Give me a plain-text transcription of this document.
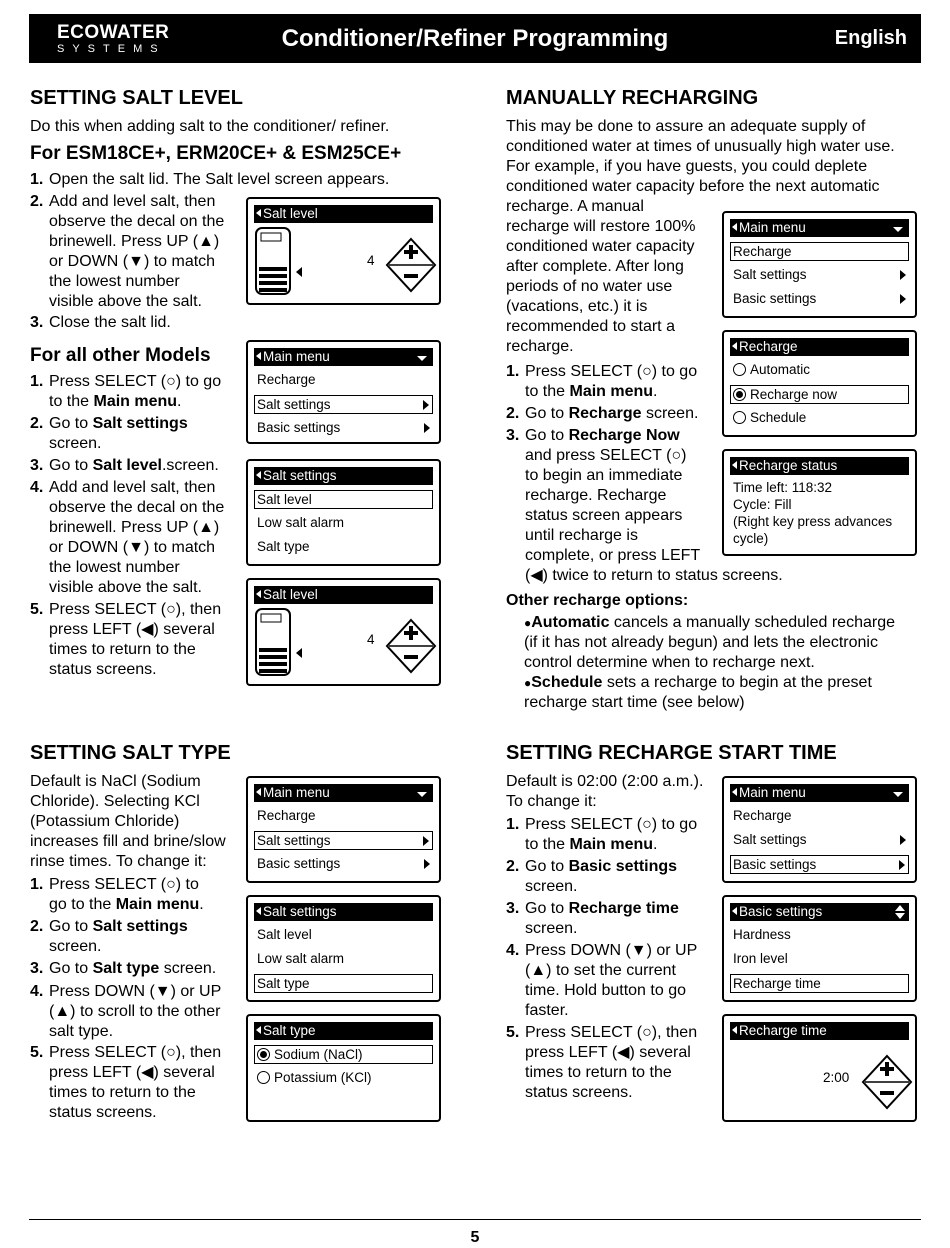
ECOWATER
SYSTEMS	Conditioner/Refiner Programming	English
SETTING SALT LEVEL
Do this when adding salt to the conditioner/ refiner.
For ESM18CE+, ERM20CE+ & ESM25CE+
1. Open the salt lid. The Salt level screen appears.
2. Add and level salt, then
observe the decal on the
brinewell. Press UP (▲)
or DOWN (▼) to match
the lowest number
visible above the salt.
3. Close the salt lid.
For all other Models
1. Press SELECT (○) to go
to the Main menu.
2. Go to Salt settings
screen.
3. Go to Salt level.screen.
4. Add and level salt, then
observe the decal on the
brinewell. Press UP (▲)
or DOWN (▼) to match
the lowest number
visible above the salt.
5. Press SELECT (○), then
press LEFT (◀) several
times to return to the
status screens.
SETTING SALT TYPE
Default is NaCl (Sodium
Chloride). Selecting KCl
(Potassium Chloride)
increases fill and brine/slow
rinse times. To change it:
1. Press SELECT (○) to
go to the Main menu.
2. Go to Salt settings
screen.
3. Go to Salt type screen.
4. Press DOWN (▼) or UP
(▲) to scroll to the other
salt type.
5. Press SELECT (○), then
press LEFT (◀) several
times to return to the
status screens.
MANUALLY RECHARGING
This may be done to assure an adequate supply of
conditioned water at times of unusually high water use.
For example, if you have guests, you could deplete
conditioned water capacity before the next automatic
recharge. A manual
recharge will restore 100%
conditioned water capacity
after complete. After long
periods of no water use
(vacations, etc.) it is
recommended to start a
recharge.
1. Press SELECT (○) to go
to the Main menu.
2. Go to Recharge screen.
3. Go to Recharge Now
and press SELECT (○)
to begin an immediate
recharge. Recharge
status screen appears
until recharge is
complete, or press LEFT
(◀) twice to return to status screens.
Other recharge options:
●Automatic cancels a manually scheduled recharge
(if it has not already begun) and lets the electronic
control determine when to recharge next.
●Schedule sets a recharge to begin at the preset
recharge start time (see below)
SETTING RECHARGE START TIME
Default is 02:00 (2:00 a.m.).
To change it:
1. Press SELECT (○) to go
to the Main menu.
2. Go to Basic settings
screen.
3. Go to Recharge time
screen.
4. Press DOWN (▼) or UP
(▲) to set the current
time. Hold button to go
faster.
5. Press SELECT (○), then
press LEFT (◀) several
times to return to the
status screens.
Salt level
4
Main menu
Recharge
Salt settings
Basic settings
Salt settings
Salt level
Low salt alarm
Salt type
Salt level
4
Main menu
Recharge
Salt settings
Basic settings
Salt settings
Salt level
Low salt alarm
Salt type
Salt type
Sodium (NaCl)
Potassium (KCl)
Main menu
Recharge
Salt settings
Basic settings
Recharge
Automatic
Recharge now
Schedule
Recharge status
Time left: 118:32
Cycle: Fill
(Right key press advances
cycle)
Main menu
Recharge
Salt settings
Basic settings
Basic settings
Hardness
Iron level
Recharge time
Recharge time
2:00
5
